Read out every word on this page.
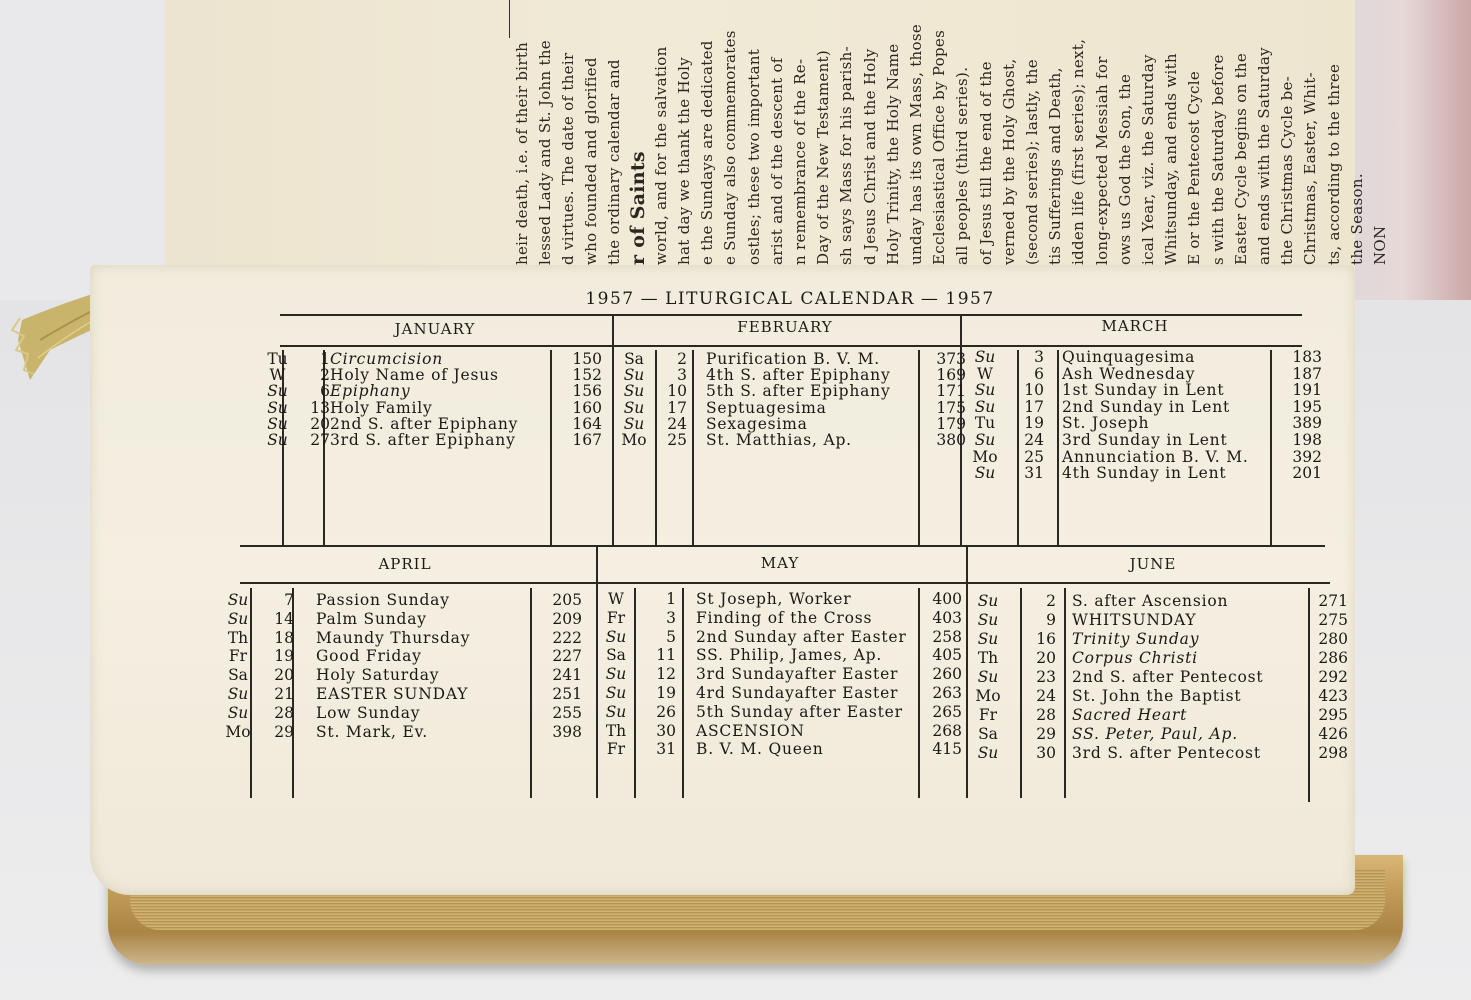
NON
the Season.
ts, according to the three
Christmas, Easter, Whit-
the Christmas Cycle be-
and ends with the Saturday
Easter Cycle begins on the
s with the Saturday before
E or the Pentecost Cycle
Whitsunday, and ends with
ical Year, viz. the Saturday
ows us God the Son, the
long-expected Messiah for
idden life (first series); next,
tis Sufferings and Death,
(second series); lastly, the
verned by the Holy Ghost,
of Jesus till the end of the
all peoples (third series).
Ecclesiastical Office by Popes
unday has its own Mass, those
Holy Trinity, the Holy Name
d Jesus Christ and the Holy
sh says Mass for his parish-
Day of the New Testament)
n remembrance of the Re-
arist and of the descent of
ostles; these two important
e Sunday also commemorates
e the Sundays are dedicated
hat day we thank the Holy
world, and for the salvation
r of Saints
the ordinary calendar and
who founded and glorified
d virtues. The date of their
lessed Lady and St. John the
heir death, i.e. of their birth
1957 — LITURGICAL CALENDAR — 1957
JANUARY	FEBRUARY	MARCH
APRIL	MAY	JUNE
Tu	1 Circumcision	150
W	2 Holy Name of Jesus	152
Su	6 Epiphany	156
Su	13 Holy Family	160
Su	20 2nd S. after Epiphany	164
Su	27 3rd S. after Epiphany	167
Sa	2 Purification B. V. M.	373
Su	3 4th S. after Epiphany	169
Su	10 5th S. after Epiphany	171
Su	17 Septuagesima	175
Su	24 Sexagesima	179
Mo	25 St. Matthias, Ap.	380
Su	3 Quinquagesima	183
W	6 Ash Wednesday	187
Su	10 1st Sunday in Lent	191
Su	17 2nd Sunday in Lent	195
Tu	19 St. Joseph	389
Su	24 3rd Sunday in Lent	198
Mo	25 Annunciation B. V. M.	392
Su	31 4th Sunday in Lent	201
Su	7 Passion Sunday	205
Su	14 Palm Sunday	209
Th	18 Maundy Thursday	222
Fr	19 Good Friday	227
Sa	20 Holy Saturday	241
Su	21 EASTER SUNDAY	251
Su	28 Low Sunday	255
Mo	29 St. Mark, Ev.	398
W	1 St Joseph, Worker	400
Fr	3 Finding of the Cross	403
Su	5 2nd Sunday after Easter	258
Sa	11 SS. Philip, James, Ap.	405
Su	12 3rd Sundayafter Easter	260
Su	19 4rd Sundayafter Easter	263
Su	26 5th Sunday after Easter	265
Th	30 ASCENSION	268
Fr	31 B. V. M. Queen	415
Su	2 S. after Ascension	271
Su	9 WHITSUNDAY	275
Su	16 Trinity Sunday	280
Th	20 Corpus Christi	286
Su	23 2nd S. after Pentecost	292
Mo	24 St. John the Baptist	423
Fr	28 Sacred Heart	295
Sa	29 SS. Peter, Paul, Ap.	426
Su	30 3rd S. after Pentecost	298
